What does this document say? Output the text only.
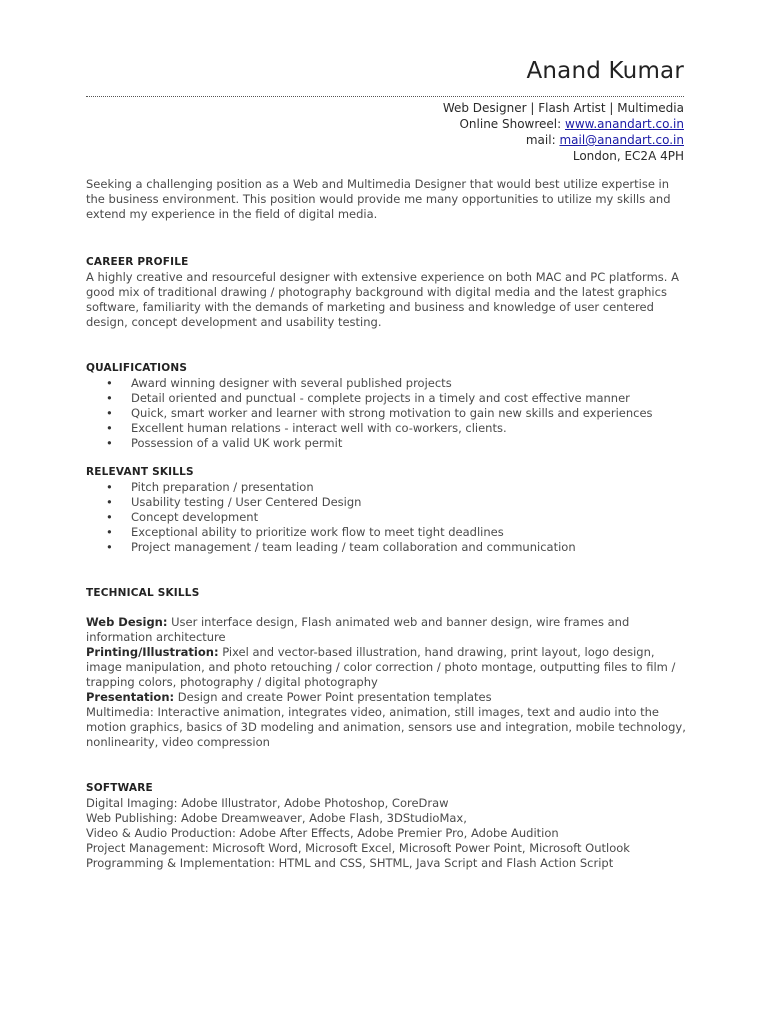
Anand Kumar
Web Designer | Flash Artist | Multimedia
Online Showreel: www.anandart.co.in
mail: mail@anandart.co.in
London, EC2A 4PH
Seeking a challenging position as a Web and Multimedia Designer that would best utilize expertise in the business environment. This position would provide me many opportunities to utilize my skills and extend my experience in the field of digital media.
CAREER PROFILE
A highly creative and resourceful designer with extensive experience on both MAC and PC platforms. A good mix of traditional drawing / photography background with digital media and the latest graphics software, familiarity with the demands of marketing and business and knowledge of user centered design, concept development and usability testing.
QUALIFICATIONS
• Award winning designer with several published projects
• Detail oriented and punctual - complete projects in a timely and cost effective manner
• Quick, smart worker and learner with strong motivation to gain new skills and experiences
• Excellent human relations - interact well with co-workers, clients.
• Possession of a valid UK work permit
RELEVANT SKILLS
• Pitch preparation / presentation
• Usability testing / User Centered Design
• Concept development
• Exceptional ability to prioritize work flow to meet tight deadlines
• Project management / team leading / team collaboration and communication
TECHNICAL SKILLS
Web Design: User interface design, Flash animated web and banner design, wire frames and information architecture
Printing/Illustration: Pixel and vector-based illustration, hand drawing, print layout, logo design, image manipulation, and photo retouching / color correction / photo montage, outputting files to film / trapping colors, photography / digital photography
Presentation: Design and create Power Point presentation templates
Multimedia: Interactive animation, integrates video, animation, still images, text and audio into the motion graphics, basics of 3D modeling and animation, sensors use and integration, mobile technology, nonlinearity, video compression
SOFTWARE
Digital Imaging: Adobe Illustrator, Adobe Photoshop, CoreDraw
Web Publishing: Adobe Dreamweaver, Adobe Flash, 3DStudioMax,
Video & Audio Production: Adobe After Effects, Adobe Premier Pro, Adobe Audition
Project Management: Microsoft Word, Microsoft Excel, Microsoft Power Point, Microsoft Outlook
Programming & Implementation: HTML and CSS, SHTML, Java Script and Flash Action Script
